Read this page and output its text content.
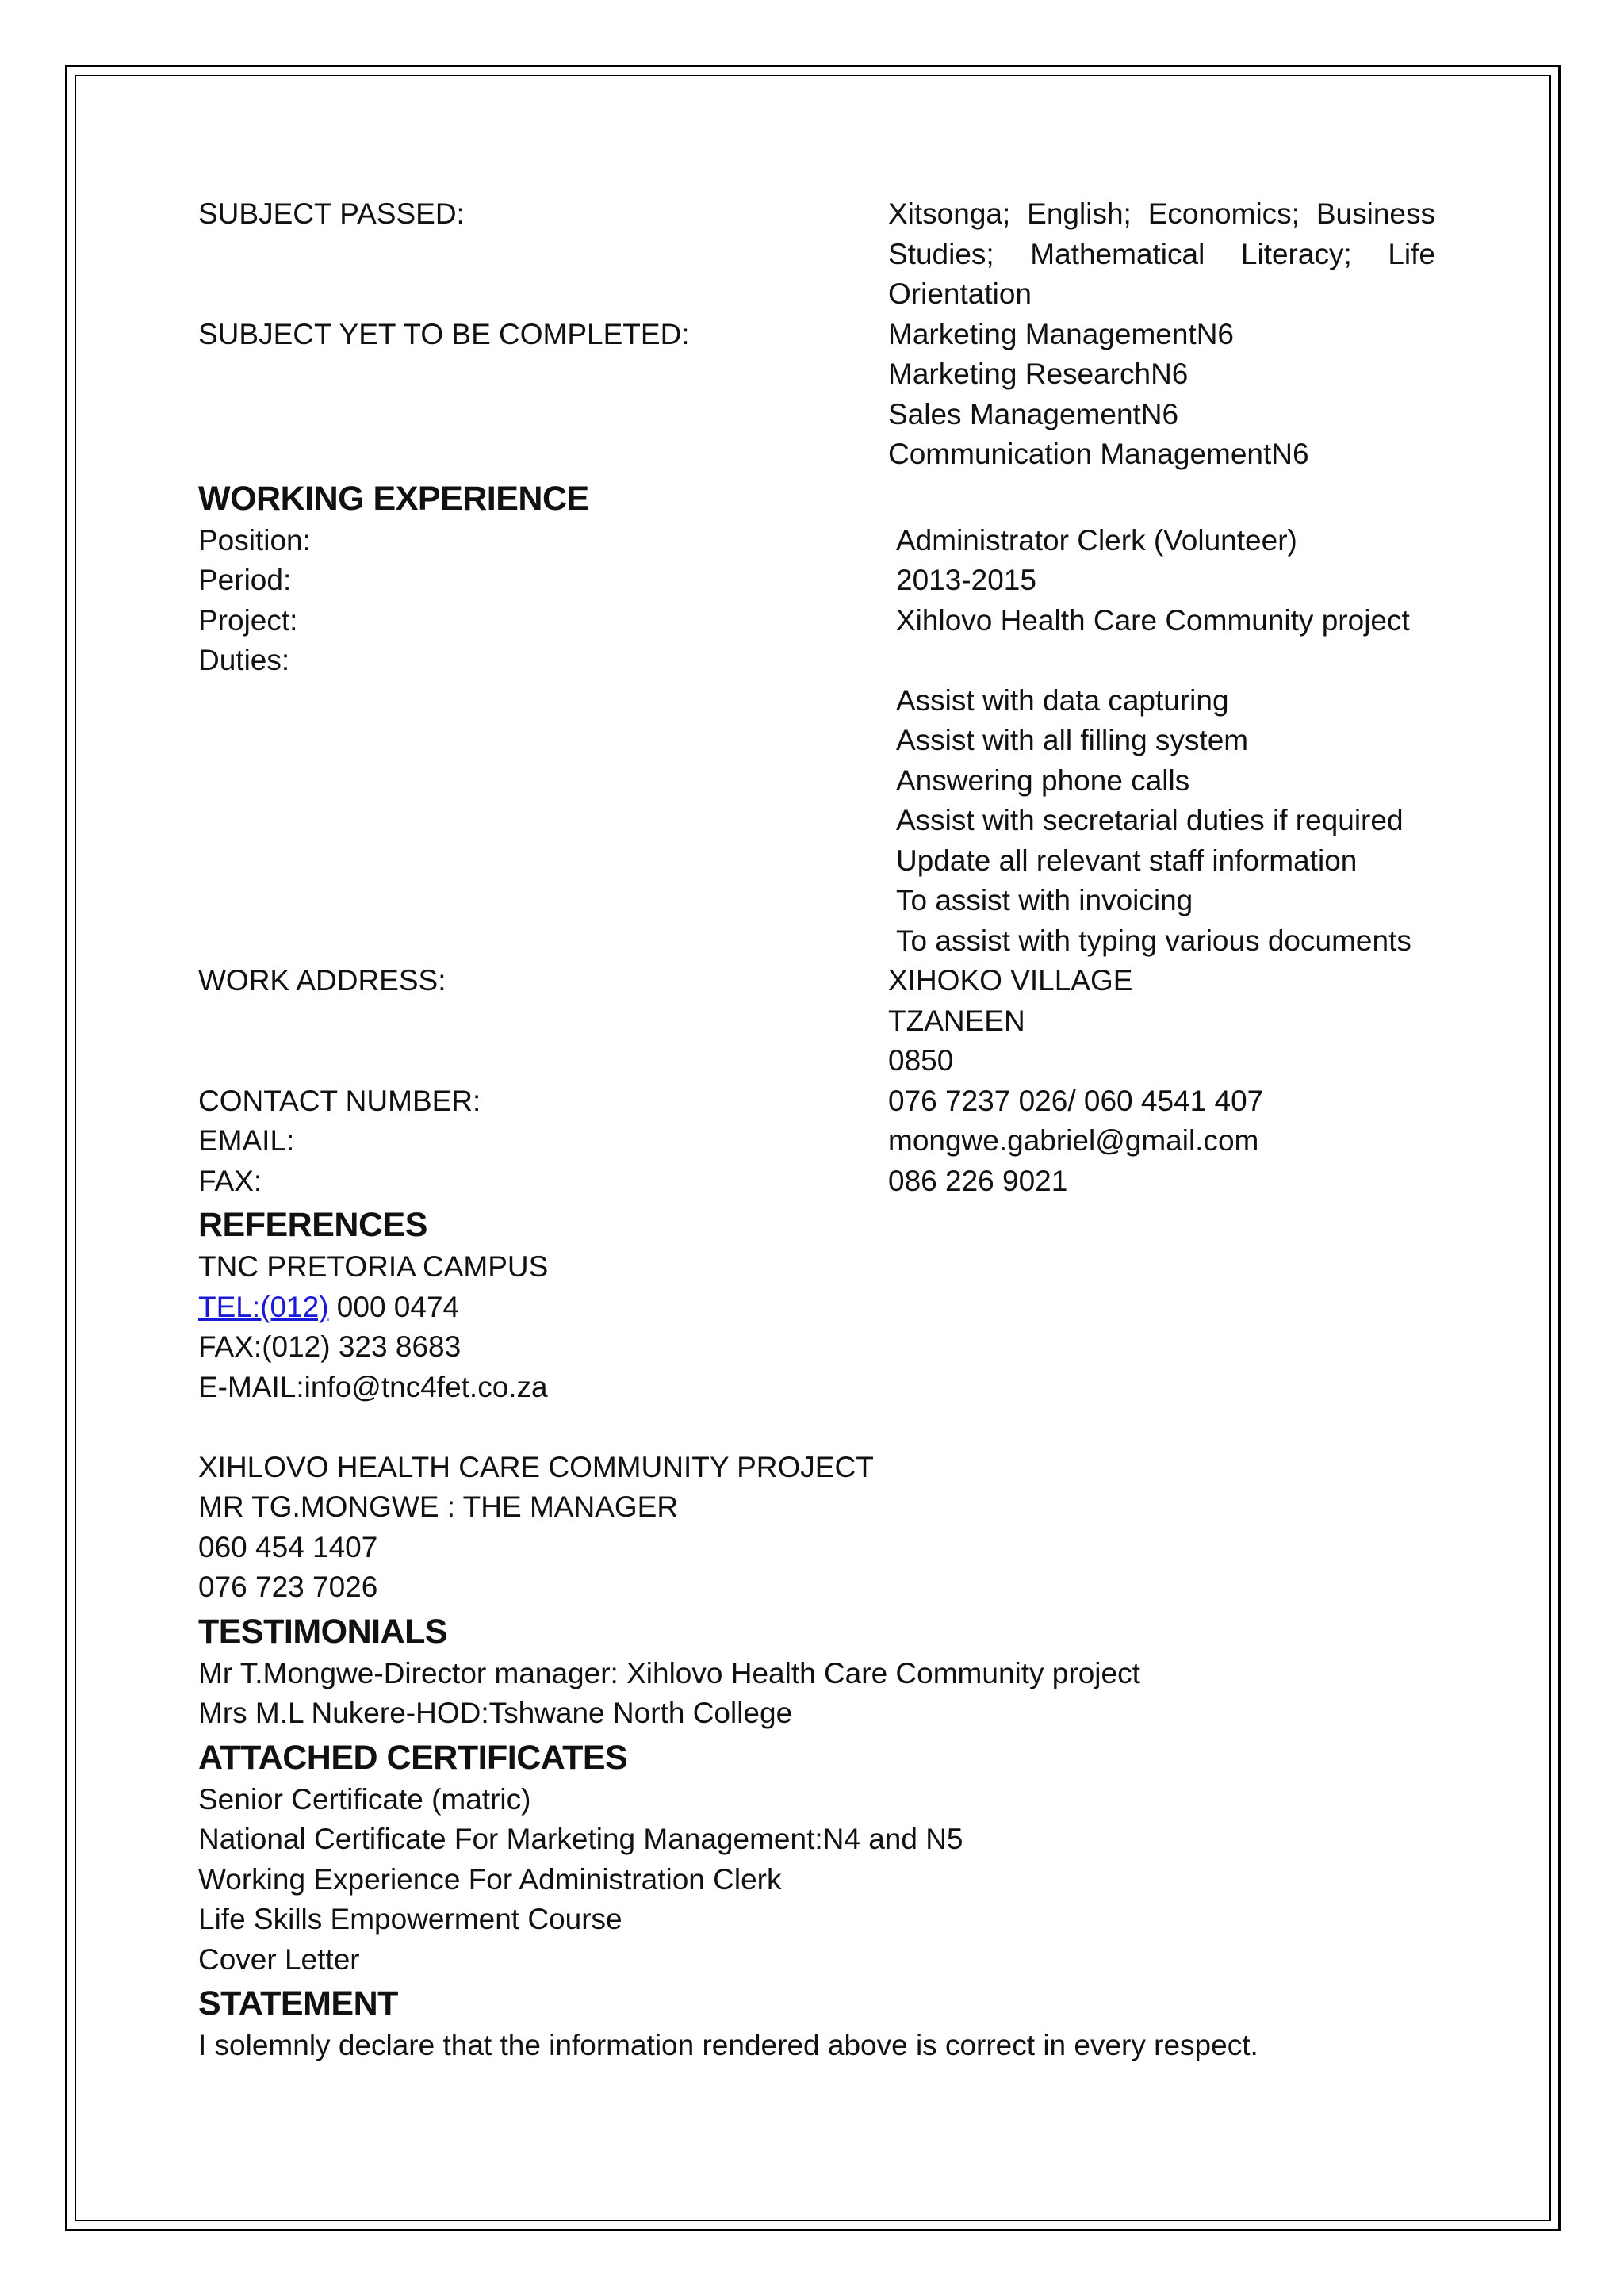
SUBJECT PASSED:	Xitsonga; English; Economics; Business Studies; Mathematical Literacy; Life Orientation
SUBJECT YET TO BE COMPLETED:	Marketing ManagementN6
Marketing ResearchN6
Sales ManagementN6
Communication ManagementN6
WORKING EXPERIENCE
Position:	Administrator Clerk (Volunteer)
Period:	2013-2015
Project:	Xihlovo Health Care Community project
Duties:
Assist with data capturing
Assist with all filling system
Answering phone calls
Assist with secretarial duties if required
Update all relevant staff information
To assist with invoicing
To assist with typing various documents
WORK ADDRESS:	XIHOKO VILLAGE
TZANEEN
0850
CONTACT NUMBER:	076 7237 026/ 060 4541 407
EMAIL:	mongwe.gabriel@gmail.com
FAX:	086 226 9021
REFERENCES
TNC PRETORIA CAMPUS
TEL:(012) 000 0474
FAX:(012) 323 8683
E-MAIL:info@tnc4fet.co.za
XIHLOVO HEALTH CARE COMMUNITY PROJECT
MR TG.MONGWE : THE MANAGER
060 454 1407
076 723 7026
TESTIMONIALS
Mr T.Mongwe-Director manager: Xihlovo Health Care Community project
Mrs M.L Nukere-HOD:Tshwane North College
ATTACHED CERTIFICATES
Senior Certificate (matric)
National Certificate For Marketing Management:N4 and N5
Working Experience For Administration Clerk
Life Skills Empowerment Course
Cover Letter
STATEMENT
I solemnly declare that the information rendered above is correct in every respect.
